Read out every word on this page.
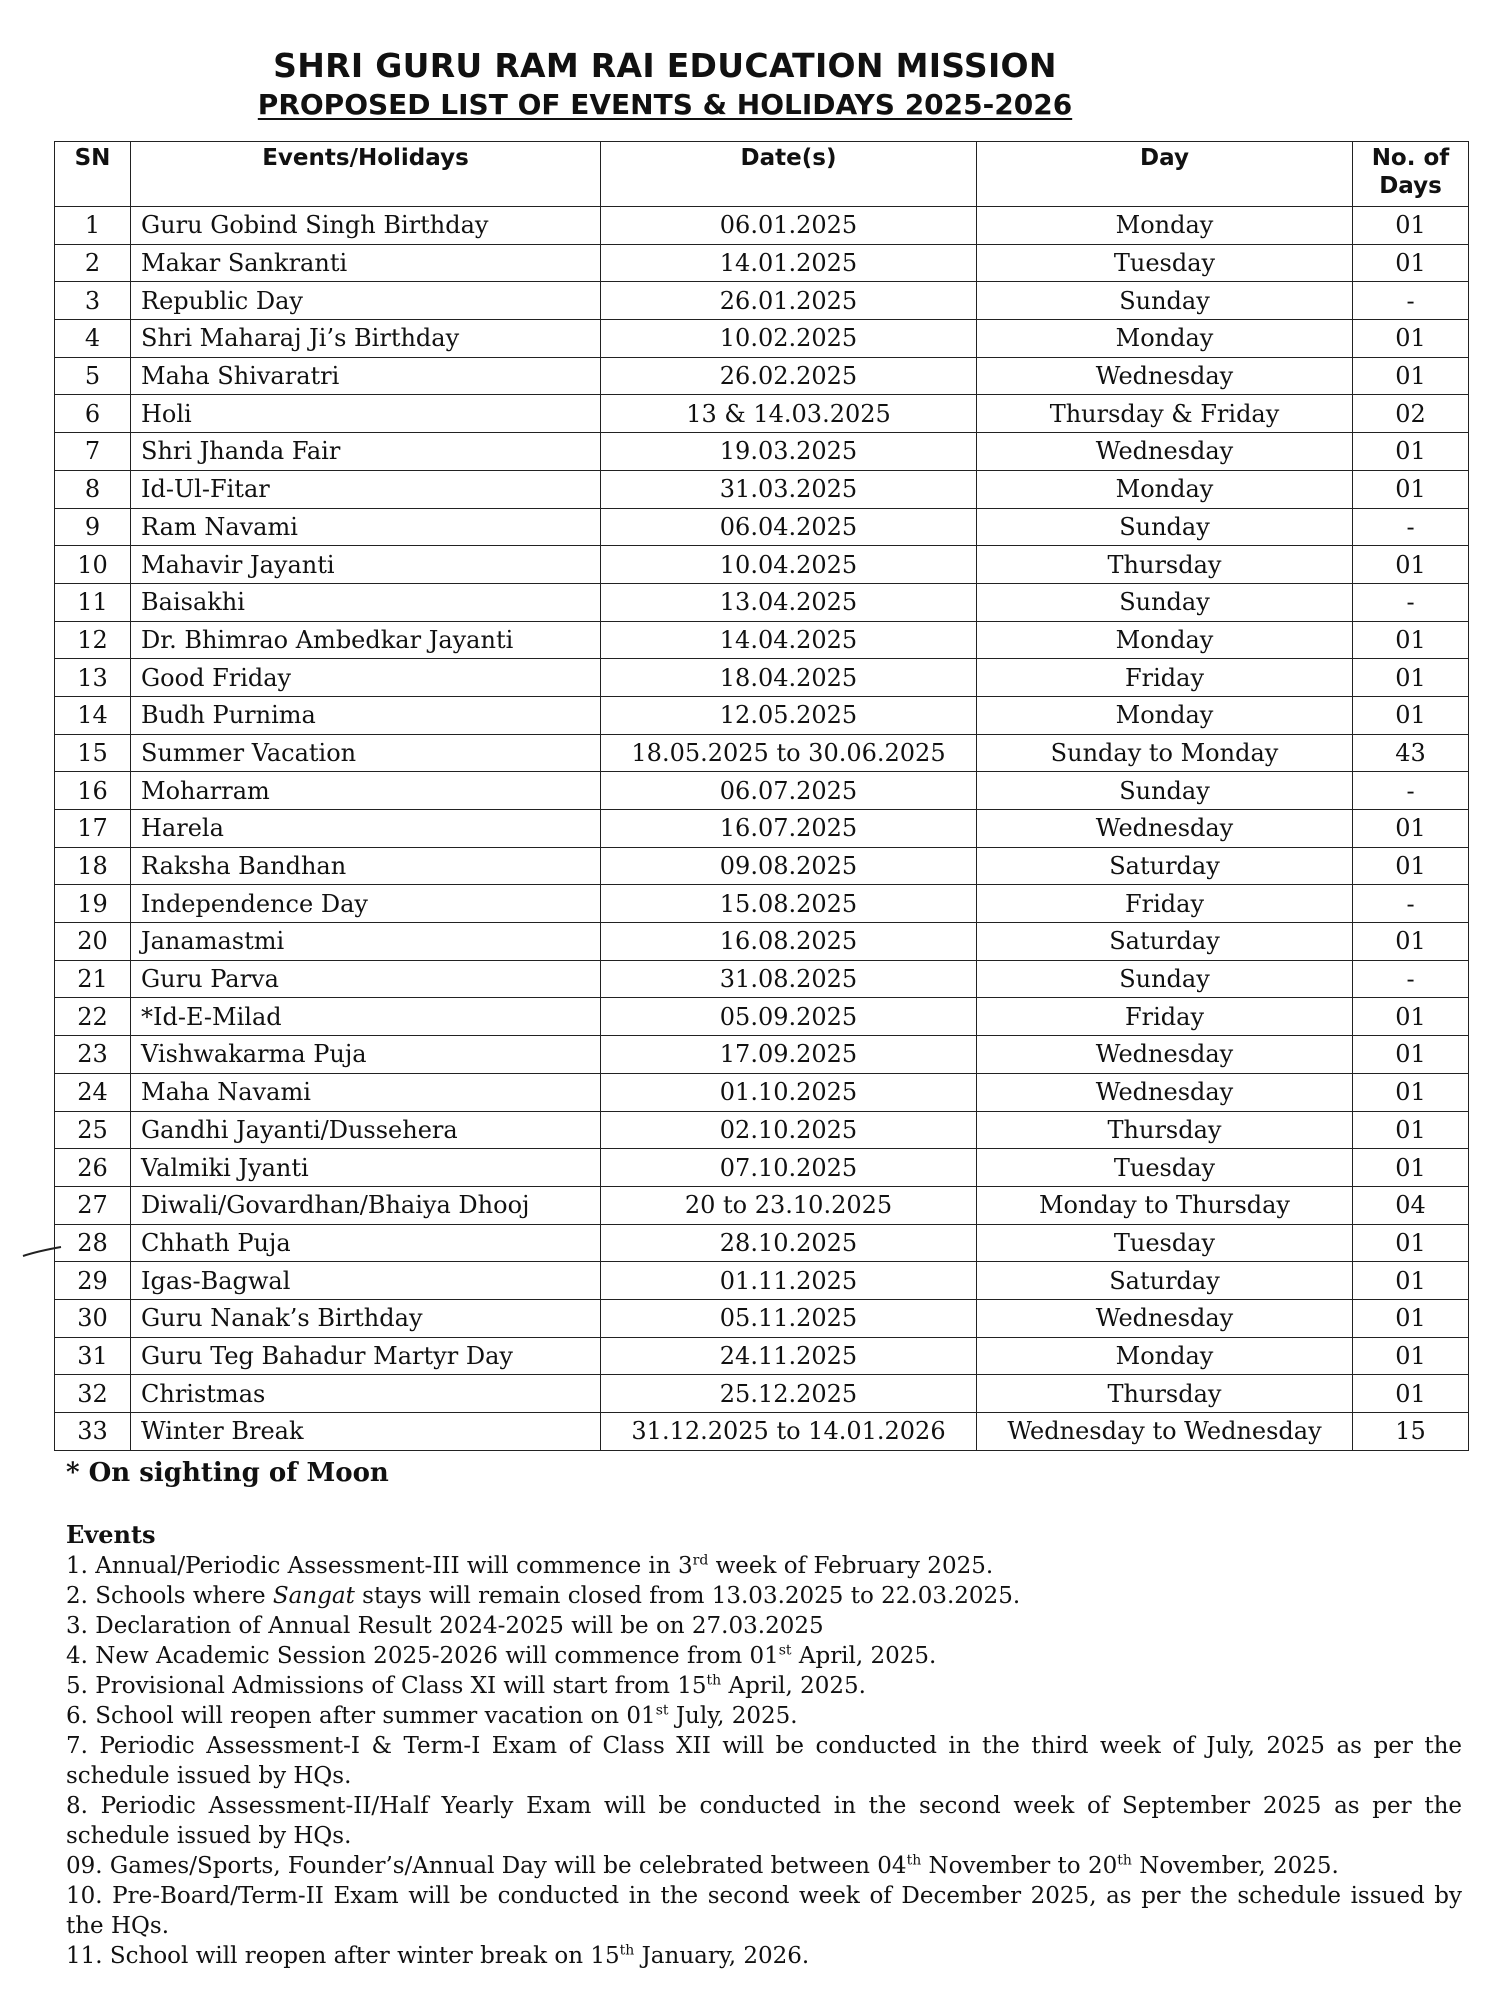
SHRI GURU RAM RAI EDUCATION MISSION
PROPOSED LIST OF EVENTS & HOLIDAYS 2025-2026
SN	Events/Holidays	Date(s)	Day	No. of Days
1	Guru Gobind Singh Birthday	06.01.2025	Monday	01
2	Makar Sankranti	14.01.2025	Tuesday	01
3	Republic Day	26.01.2025	Sunday	-
4	Shri Maharaj Ji’s Birthday	10.02.2025	Monday	01
5	Maha Shivaratri	26.02.2025	Wednesday	01
6	Holi	13 & 14.03.2025	Thursday & Friday	02
7	Shri Jhanda Fair	19.03.2025	Wednesday	01
8	Id-Ul-Fitar	31.03.2025	Monday	01
9	Ram Navami	06.04.2025	Sunday	-
10	Mahavir Jayanti	10.04.2025	Thursday	01
11	Baisakhi	13.04.2025	Sunday	-
12	Dr. Bhimrao Ambedkar Jayanti	14.04.2025	Monday	01
13	Good Friday	18.04.2025	Friday	01
14	Budh Purnima	12.05.2025	Monday	01
15	Summer Vacation	18.05.2025 to 30.06.2025	Sunday to Monday	43
16	Moharram	06.07.2025	Sunday	-
17	Harela	16.07.2025	Wednesday	01
18	Raksha Bandhan	09.08.2025	Saturday	01
19	Independence Day	15.08.2025	Friday	-
20	Janamastmi	16.08.2025	Saturday	01
21	Guru Parva	31.08.2025	Sunday	-
22	*Id-E-Milad	05.09.2025	Friday	01
23	Vishwakarma Puja	17.09.2025	Wednesday	01
24	Maha Navami	01.10.2025	Wednesday	01
25	Gandhi Jayanti/Dussehera	02.10.2025	Thursday	01
26	Valmiki Jyanti	07.10.2025	Tuesday	01
27	Diwali/Govardhan/Bhaiya Dhooj	20 to 23.10.2025	Monday to Thursday	04
28	Chhath Puja	28.10.2025	Tuesday	01
29	Igas-Bagwal	01.11.2025	Saturday	01
30	Guru Nanak’s Birthday	05.11.2025	Wednesday	01
31	Guru Teg Bahadur Martyr Day	24.11.2025	Monday	01
32	Christmas	25.12.2025	Thursday	01
33	Winter Break	31.12.2025 to 14.01.2026	Wednesday to Wednesday	15
* On sighting of Moon
Events
1. Annual/Periodic Assessment-III will commence in 3rd week of February 2025.
2. Schools where Sangat stays will remain closed from 13.03.2025 to 22.03.2025.
3. Declaration of Annual Result 2024-2025 will be on 27.03.2025
4. New Academic Session 2025-2026 will commence from 01st April, 2025.
5. Provisional Admissions of Class XI will start from 15th April, 2025.
6. School will reopen after summer vacation on 01st July, 2025.
7. Periodic Assessment-I & Term-I Exam of Class XII will be conducted in the third week of July, 2025 as per the schedule issued by HQs.
8. Periodic Assessment-II/Half Yearly Exam will be conducted in the second week of September 2025 as per the schedule issued by HQs.
09. Games/Sports, Founder’s/Annual Day will be celebrated between 04th November to 20th November, 2025.
10. Pre-Board/Term-II Exam will be conducted in the second week of December 2025, as per the schedule issued by the HQs.
11. School will reopen after winter break on 15th January, 2026.
